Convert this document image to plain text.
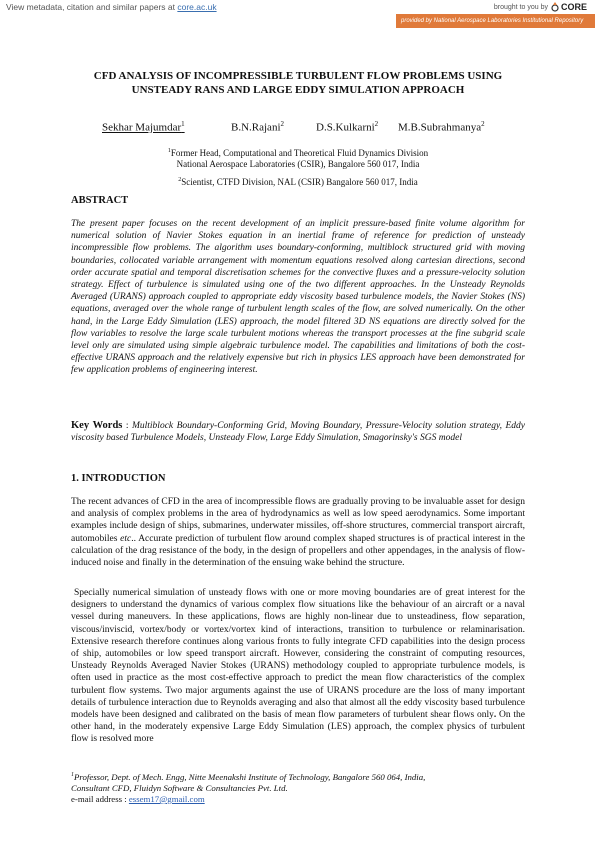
View metadata, citation and similar papers at core.ac.uk	brought to you by CORE
provided by National Aerospace Laboratories Institutional Repository
CFD ANALYSIS OF INCOMPRESSIBLE TURBULENT FLOW PROBLEMS USING
UNSTEADY RANS AND LARGE EDDY SIMULATION APPROACH
Sekhar Majumdar$^1$	B.N.Rajani$^2$	D.S.Kulkarni$^2$ M.B.Subrahmanya$^2$
$^1$Former Head, Computational and Theoretical Fluid Dynamics Division
National Aerospace Laboratories (CSIR), Bangalore 560 017, India
$^2$Scientist, CTFD Division, NAL (CSIR) Bangalore 560 017, India
ABSTRACT
The present paper focuses on the recent development of an implicit pressure-based finite volume algorithm for numerical solution of Navier Stokes equation in an inertial frame of reference for prediction of unsteady incompressible flow problems. The algorithm uses boundary-conforming, multiblock structured grid with moving boundaries, collocated variable arrangement with momentum equations resolved along cartesian directions, second order accurate spatial and temporal discretisation schemes for the convective fluxes and a pressure-velocity solution strategy. Effect of turbulence is simulated using one of the two different approaches. In the Unsteady Reynolds Averaged (URANS) approach coupled to appropriate eddy viscosity based turbulence models, the Navier Stokes (NS) equations, averaged over the whole range of turbulent length scales of the flow, are solved numerically. On the other hand, in the Large Eddy Simulation (LES) approach, the model filtered 3D NS equations are directly solved for the flow variables to resolve the large scale turbulent motions whereas the transport processes at the fine subgrid scale level only are simulated using simple algebraic turbulence model. The capabilities and limitations of both the cost-effective URANS approach and the relatively expensive but rich in physics LES approach have been demonstrated for few application problems of engineering interest.
Key Words : Multiblock Boundary-Conforming Grid, Moving Boundary, Pressure-Velocity solution strategy, Eddy viscosity based Turbulence Models, Unsteady Flow, Large Eddy Simulation, Smagorinsky's SGS model
1. INTRODUCTION

The recent advances of CFD in the area of incompressible flows are gradually proving to be invaluable asset for design and analysis of complex problems in the area of hydrodynamics as well as low speed aerodynamics. Some important examples include design of ships, submarines, underwater missiles, off-shore structures, commercial transport aircraft, automobiles etc.. Accurate prediction of turbulent flow around complex shaped structures is of practical interest in the calculation of the drag resistance of the body, in the design of propellers and other appendages, in the analysis of flow-induced noise and finally in the determination of the ensuing wake behind the structure.

Specially numerical simulation of unsteady flows with one or more moving boundaries are of great interest for the designers to understand the dynamics of various complex flow situations like the behaviour of an aircraft or a naval vessel during maneuvers. In these applications, flows are highly non-linear due to unsteadiness, flow separation, viscous/inviscid, vortex/body or vortex/vortex kind of interactions, transition to turbulence or relaminarisation. Extensive research therefore continues along various fronts to fully integrate CFD capabilities into the design process of ship, automobiles or low speed transport aircraft. However, considering the constraint of computing resources, Unsteady Reynolds Averaged Navier Stokes (URANS) methodology coupled to appropriate turbulence models, is often used in practice as the most cost-effective approach to predict the mean flow characteristics of the complex turbulent flow systems. Two major arguments against the use of URANS procedure are the loss of many important details of turbulence interaction due to Reynolds averaging and also that almost all the eddy viscosity based turbulence models have been designed and calibrated on the basis of mean flow parameters of turbulent shear flows only. On the other hand, in the moderately expensive Large Eddy Simulation (LES) approach, the complex physics of turbulent flow is resolved more

$^1$Professor, Dept. of Mech. Engg, Nitte Meenakshi Institute of Technology, Bangalore 560 064, India,
Consultant CFD, Fluidyn Software & Consultancies Pvt. Ltd.
e-mail address : essem17@gmail.com
